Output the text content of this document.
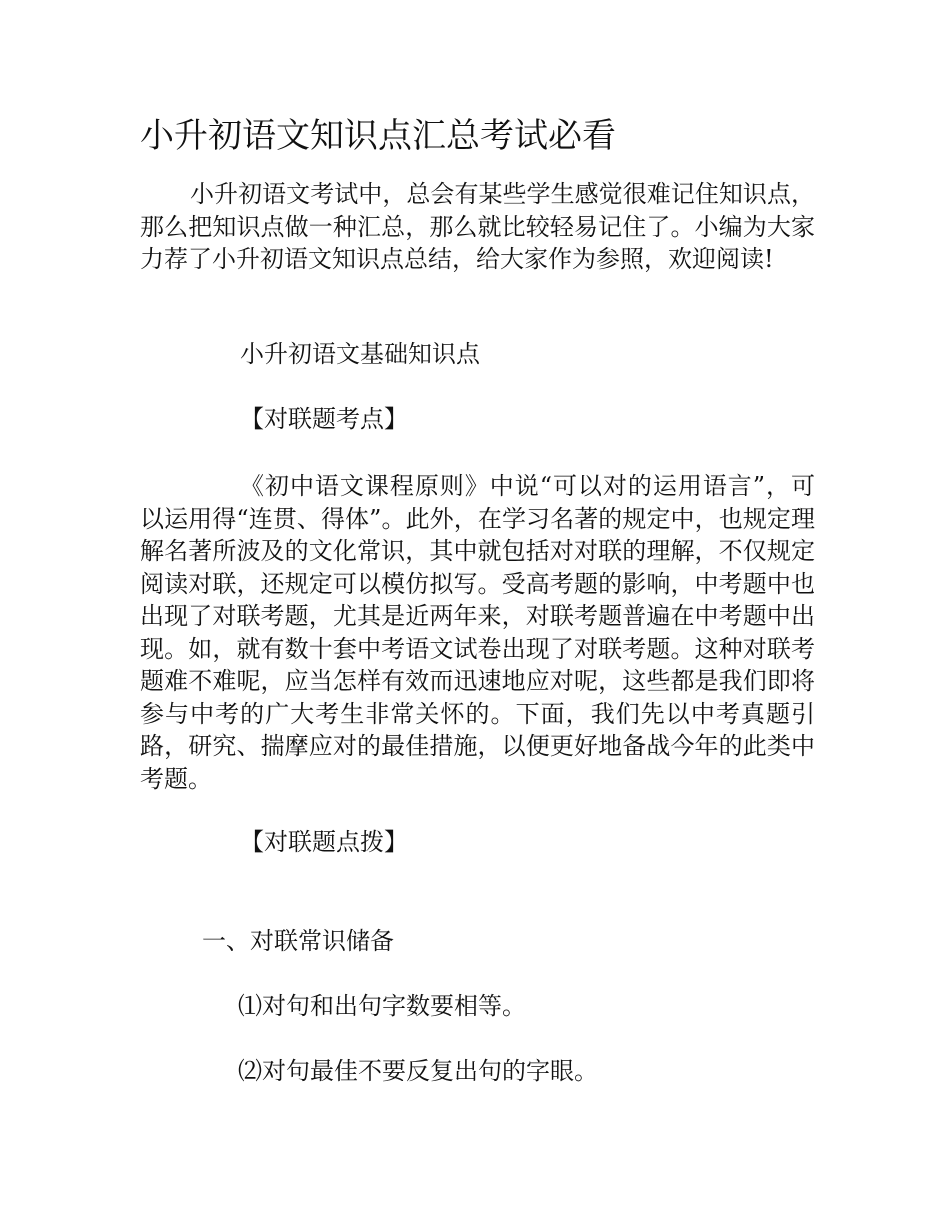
小升初语文知识点汇总考试必看

小升初语文考试中，总会有某些学生感觉很难记住知识点，那么把知识点做一种汇总，那么就比较轻易记住了。小编为大家力荐了小升初语文知识点总结，给大家作为参照，欢迎阅读!

小升初语文基础知识点

【对联题考点】

《初中语文课程原则》中说“可以对的运用语言”，可以运用得“连贯、得体”。此外，在学习名著的规定中，也规定理解名著所波及的文化常识，其中就包括对对联的理解，不仅规定阅读对联，还规定可以模仿拟写。受高考题的影响，中考题中也出现了对联考题，尤其是近两年来，对联考题普遍在中考题中出现。如，就有数十套中考语文试卷出现了对联考题。这种对联考题难不难呢，应当怎样有效而迅速地应对呢，这些都是我们即将参与中考的广大考生非常关怀的。下面，我们先以中考真题引路，研究、揣摩应对的最佳措施，以便更好地备战今年的此类中考题。

【对联题点拨】

一、对联常识储备

⑴对句和出句字数要相等。

⑵对句最佳不要反复出句的字眼。
